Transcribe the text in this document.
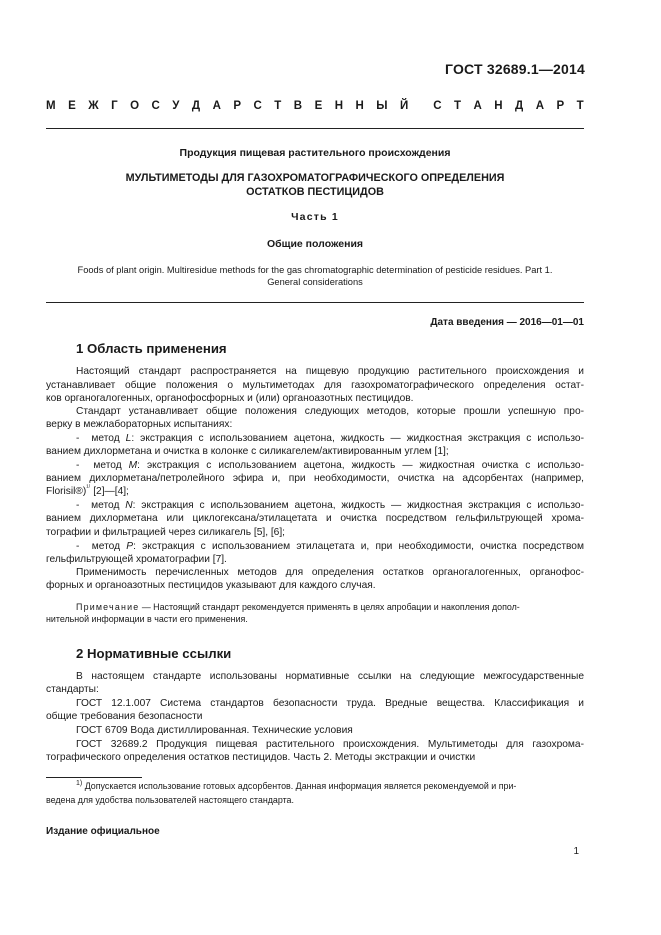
ГОСТ 32689.1—2014
М Е Ж Г О С У Д А Р С Т В Е Н Н Ы Й С Т А Н Д А Р Т
Продукция пищевая растительного происхождения
МУЛЬТИМЕТОДЫ ДЛЯ ГАЗОХРОМАТОГРАФИЧЕСКОГО ОПРЕДЕЛЕНИЯ
ОСТАТКОВ ПЕСТИЦИДОВ
Часть 1
Общие положения
Foods of plant origin. Multiresidue methods for the gas chromatographic determination of pesticide residues. Part 1.
General considerations
Дата введения — 2016—01—01
1 Область применения
Настоящий стандарт распространяется на пищевую продукцию растительного происхождения и
устанавливает общие положения о мультиметодах для газохроматографического определения остат-
ков органогалогенных, органофосфорных и (или) органоазотных пестицидов.
Стандарт устанавливает общие положения следующих методов, которые прошли успешную про-
верку в межлабораторных испытаниях:
-  метод L: экстракция с использованием ацетона, жидкость — жидкостная экстракция с использо-
ванием дихлорметана и очистка в колонке с силикагелем/активированным углем [1];
-  метод M: экстракция с использованием ацетона, жидкость — жидкостная очистка с использо-
ванием дихлорметана/петролейного эфира и, при необходимости, очистка на адсорбентах (например,
Florisil®)$^{^{1)}}$ [2]—[4];
-  метод N: экстракция с использованием ацетона, жидкость — жидкостная экстракция с использо-
ванием дихлорметана или циклогексана/этилацетата и очистка посредством гельфильтрующей хрома-
тографии и фильтрацией через силикагель [5], [6];
-  метод P: экстракция с использованием этилацетата и, при необходимости, очистка посредством
гельфильтрующей хроматографии [7].
Применимость перечисленных методов для определения остатков органогалогенных, органофос-
форных и органоазотных пестицидов указывают для каждого случая.
Примечание — Настоящий стандарт рекомендуется применять в целях апробации и накопления допол-
нительной информации в части его применения.
2 Нормативные ссылки
В настоящем стандарте использованы нормативные ссылки на следующие межгосударственные
стандарты:
ГОСТ 12.1.007 Система стандартов безопасности труда. Вредные вещества. Классификация и
общие требования безопасности
ГОСТ 6709 Вода дистиллированная. Технические условия
ГОСТ 32689.2 Продукция пищевая растительного происхождения. Мультиметоды для газохрома-
тографического определения остатков пестицидов. Часть 2. Методы экстракции и очистки
$^{1)}$ Допускается использование готовых адсорбентов. Данная информация является рекомендуемой и при-
ведена для удобства пользователей настоящего стандарта.
Издание официальное
1
